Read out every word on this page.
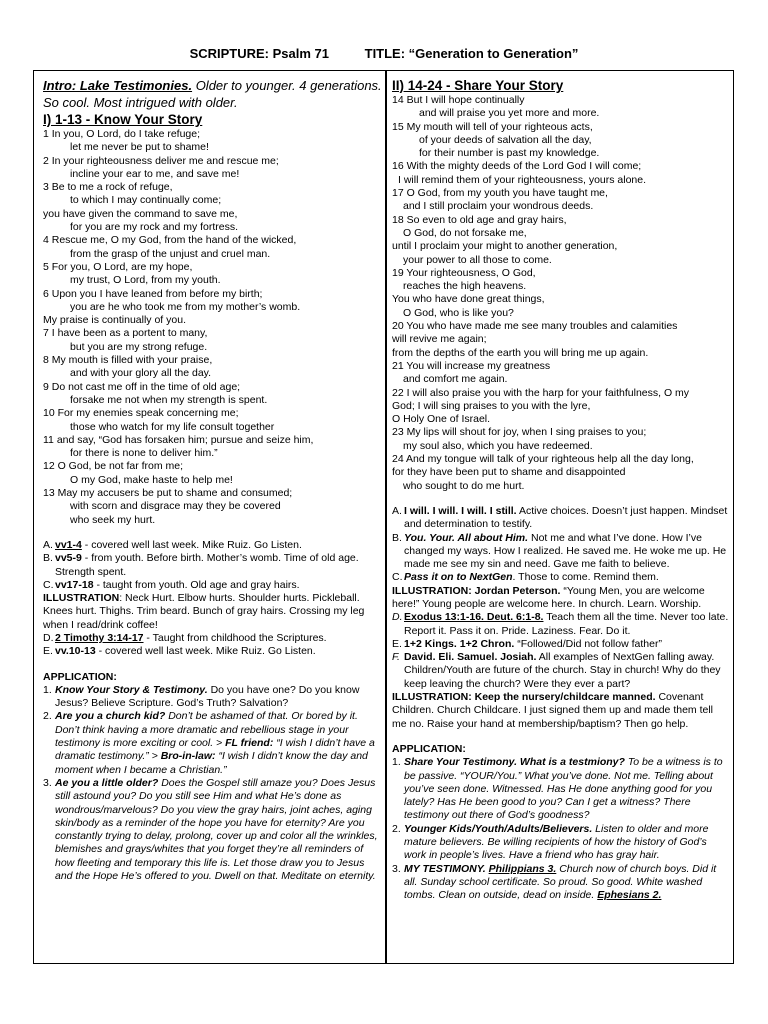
SCRIPTURE: Psalm 71	TITLE: “Generation to Generation”

Intro: Lake Testimonies. Older to younger. 4 generations. So cool. Most intrigued with older.

I) 1-13 - Know Your Story

1 In you, O Lord, do I take refuge;

let me never be put to shame!

2 In your righteousness deliver me and rescue me;

incline your ear to me, and save me!

3 Be to me a rock of refuge,

to which I may continually come;

you have given the command to save me,

for you are my rock and my fortress.

4 Rescue me, O my God, from the hand of the wicked,

from the grasp of the unjust and cruel man.

5 For you, O Lord, are my hope,

my trust, O Lord, from my youth.

6 Upon you I have leaned from before my birth;

you are he who took me from my mother’s womb.

My praise is continually of you.

7 I have been as a portent to many,

but you are my strong refuge.

8 My mouth is filled with your praise,

and with your glory all the day.

9 Do not cast me off in the time of old age;

forsake me not when my strength is spent.

10 For my enemies speak concerning me;

those who watch for my life consult together

11 and say, “God has forsaken him; pursue and seize him,

for there is none to deliver him.”

12 O God, be not far from me;

O my God, make haste to help me!

13 May my accusers be put to shame and consumed;

with scorn and disgrace may they be covered

who seek my hurt.

A. vv1-4 - covered well last week. Mike Ruiz. Go Listen.

B. vv5-9 - from youth. Before birth. Mother’s womb. Time of old age. Strength spent.

C. vv17-18 - taught from youth. Old age and gray hairs.

ILLUSTRATION: Neck Hurt. Elbow hurts. Shoulder hurts. Pickleball. Knees hurt. Thighs. Trim beard. Bunch of gray hairs. Crossing my leg when I read/drink coffee!

D. 2 Timothy 3:14-17 - Taught from childhood the Scriptures.

E. vv.10-13 - covered well last week. Mike Ruiz. Go Listen.

APPLICATION:

1. Know Your Story & Testimony. Do you have one? Do you know Jesus? Believe Scripture. God’s Truth? Salvation?

2. Are you a church kid? Don’t be ashamed of that. Or bored by it. Don’t think having a more dramatic and rebellious stage in your testimony is more exciting or cool. > FL friend: “I wish I didn’t have a dramatic testimony.” > Bro-in-law: “I wish I didn’t know the day and moment when I became a Christian.”

3. Ae you a little older? Does the Gospel still amaze you? Does Jesus still astound you? Do you still see Him and what He’s done as wondrous/marvelous? Do you view the gray hairs, joint aches, aging skin/body as a reminder of the hope you have for eternity? Are you constantly trying to delay, prolong, cover up and color all the wrinkles, blemishes and grays/whites that you forget they’re all reminders of how fleeting and temporary this life is. Let those draw you to Jesus and the Hope He’s offered to you. Dwell on that. Meditate on eternity.

II) 14-24 - Share Your Story

14 But I will hope continually

and will praise you yet more and more.

15 My mouth will tell of your righteous acts,

of your deeds of salvation all the day,

for their number is past my knowledge.

16 With the mighty deeds of the Lord God I will come;

I will remind them of your righteousness, yours alone.

17 O God, from my youth you have taught me,

and I still proclaim your wondrous deeds.

18 So even to old age and gray hairs,

O God, do not forsake me,

until I proclaim your might to another generation,

your power to all those to come.

19 Your righteousness, O God,

reaches the high heavens.

You who have done great things,

O God, who is like you?

20 You who have made me see many troubles and calamities

will revive me again;

from the depths of the earth you will bring me up again.

21 You will increase my greatness

and comfort me again.

22 I will also praise you with the harp for your faithfulness, O my

God; I will sing praises to you with the lyre,

O Holy One of Israel.

23 My lips will shout for joy, when I sing praises to you;

my soul also, which you have redeemed.

24 And my tongue will talk of your righteous help all the day long,

for they have been put to shame and disappointed

who sought to do me hurt.

A. I will. I will. I will. I still. Active choices. Doesn’t just happen. Mindset and determination to testify.

B. You. Your. All about Him. Not me and what I’ve done. How I’ve changed my ways. How I realized. He saved me. He woke me up. He made me see my sin and need. Gave me faith to believe.

C. Pass it on to NextGen. Those to come. Remind them.

ILLUSTRATION: Jordan Peterson. “Young Men, you are welcome here!” Young people are welcome here. In church. Learn. Worship.

D. Exodus 13:1-16. Deut. 6:1-8. Teach them all the time. Never too late. Report it. Pass it on. Pride. Laziness. Fear. Do it.

E. 1+2 Kings. 1+2 Chron. “Followed/Did not follow father”

F. David. Eli. Samuel. Josiah. All examples of NextGen falling away. Children/Youth are future of the church. Stay in church! Why do they keep leaving the church? Were they ever a part?

ILLUSTRATION: Keep the nursery/childcare manned. Covenant Children. Church Childcare. I just signed them up and made them tell me no. Raise your hand at membership/baptism? Then go help.

APPLICATION:

1. Share Your Testimony. What is a testmiony? To be a witness is to be passive. “YOUR/You.” What you’ve done. Not me. Telling about you’ve seen done. Witnessed. Has He done anything good for you lately? Has He been good to you? Can I get a witness? There testimony out there of God’s goodness?

2. Younger Kids/Youth/Adults/Believers. Listen to older and more mature believers. Be willing recipients of how the history of God’s work in people’s lives. Have a friend who has gray hair.

3. MY TESTIMONY. Philippians 3. Church now of church boys. Did it all. Sunday school certificate. So proud. So good. White washed tombs. Clean on outside, dead on inside. Ephesians 2.
